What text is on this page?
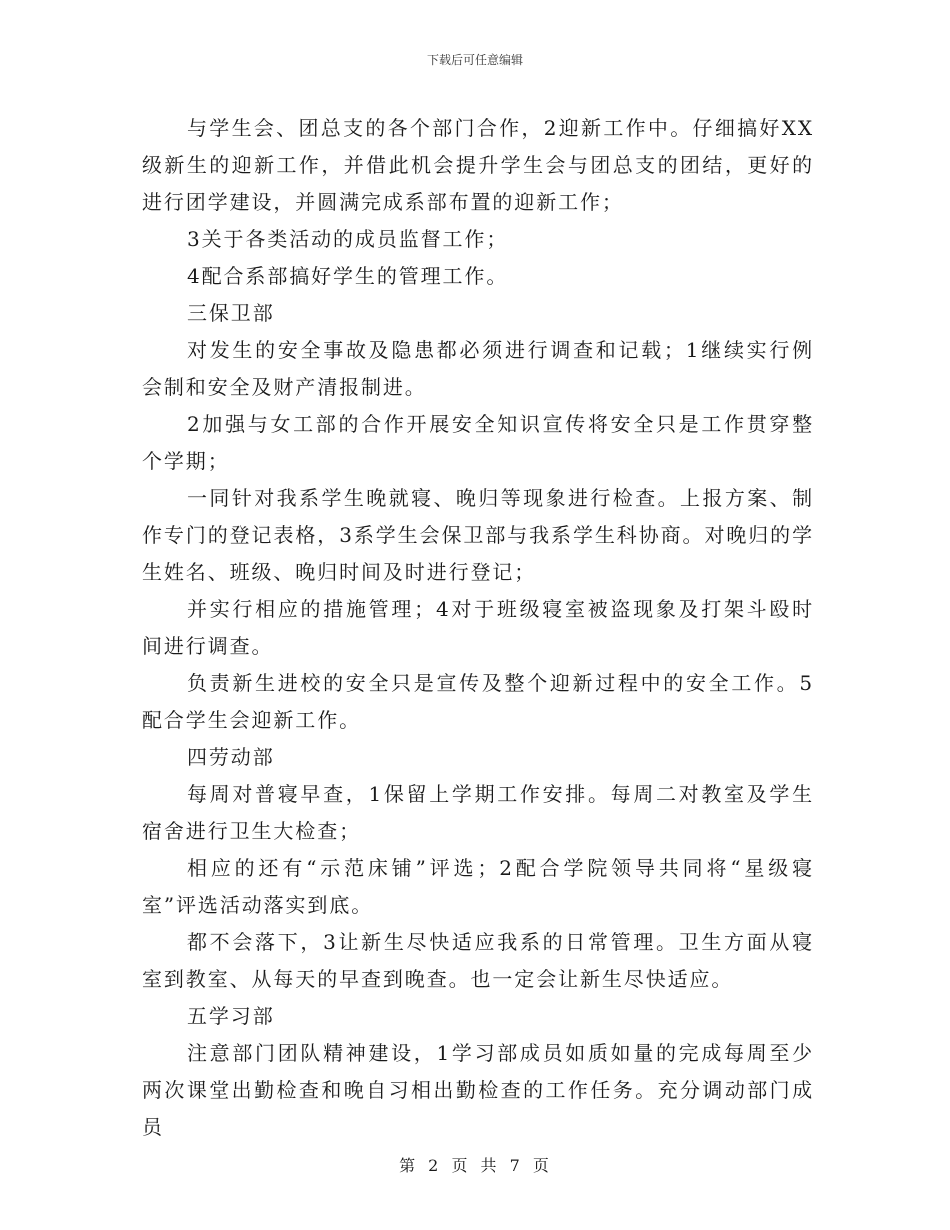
下载后可任意编辑

与学生会、团总支的各个部门合作，2迎新工作中。仔细搞好XX级新生的迎新工作，并借此机会提升学生会与团总支的团结，更好的进行团学建设，并圆满完成系部布置的迎新工作；

3关于各类活动的成员监督工作；

4配合系部搞好学生的管理工作。

三保卫部

对发生的安全事故及隐患都必须进行调查和记载；1继续实行例会制和安全及财产清报制进。

2加强与女工部的合作开展安全知识宣传将安全只是工作贯穿整个学期；

一同针对我系学生晚就寝、晚归等现象进行检查。上报方案、制作专门的登记表格，3系学生会保卫部与我系学生科协商。对晚归的学生姓名、班级、晚归时间及时进行登记；

并实行相应的措施管理；4对于班级寝室被盗现象及打架斗殴时间进行调查。

负责新生进校的安全只是宣传及整个迎新过程中的安全工作。5配合学生会迎新工作。

四劳动部

每周对普寝早查，1保留上学期工作安排。每周二对教室及学生宿舍进行卫生大检查；

相应的还有“示范床铺”评选；2配合学院领导共同将“星级寝室”评选活动落实到底。

都不会落下，3让新生尽快适应我系的日常管理。卫生方面从寝室到教室、从每天的早查到晚查。也一定会让新生尽快适应。

五学习部

注意部门团队精神建设，1学习部成员如质如量的完成每周至少两次课堂出勤检查和晚自习相出勤检查的工作任务。充分调动部门成员

第 2 页 共 7 页
